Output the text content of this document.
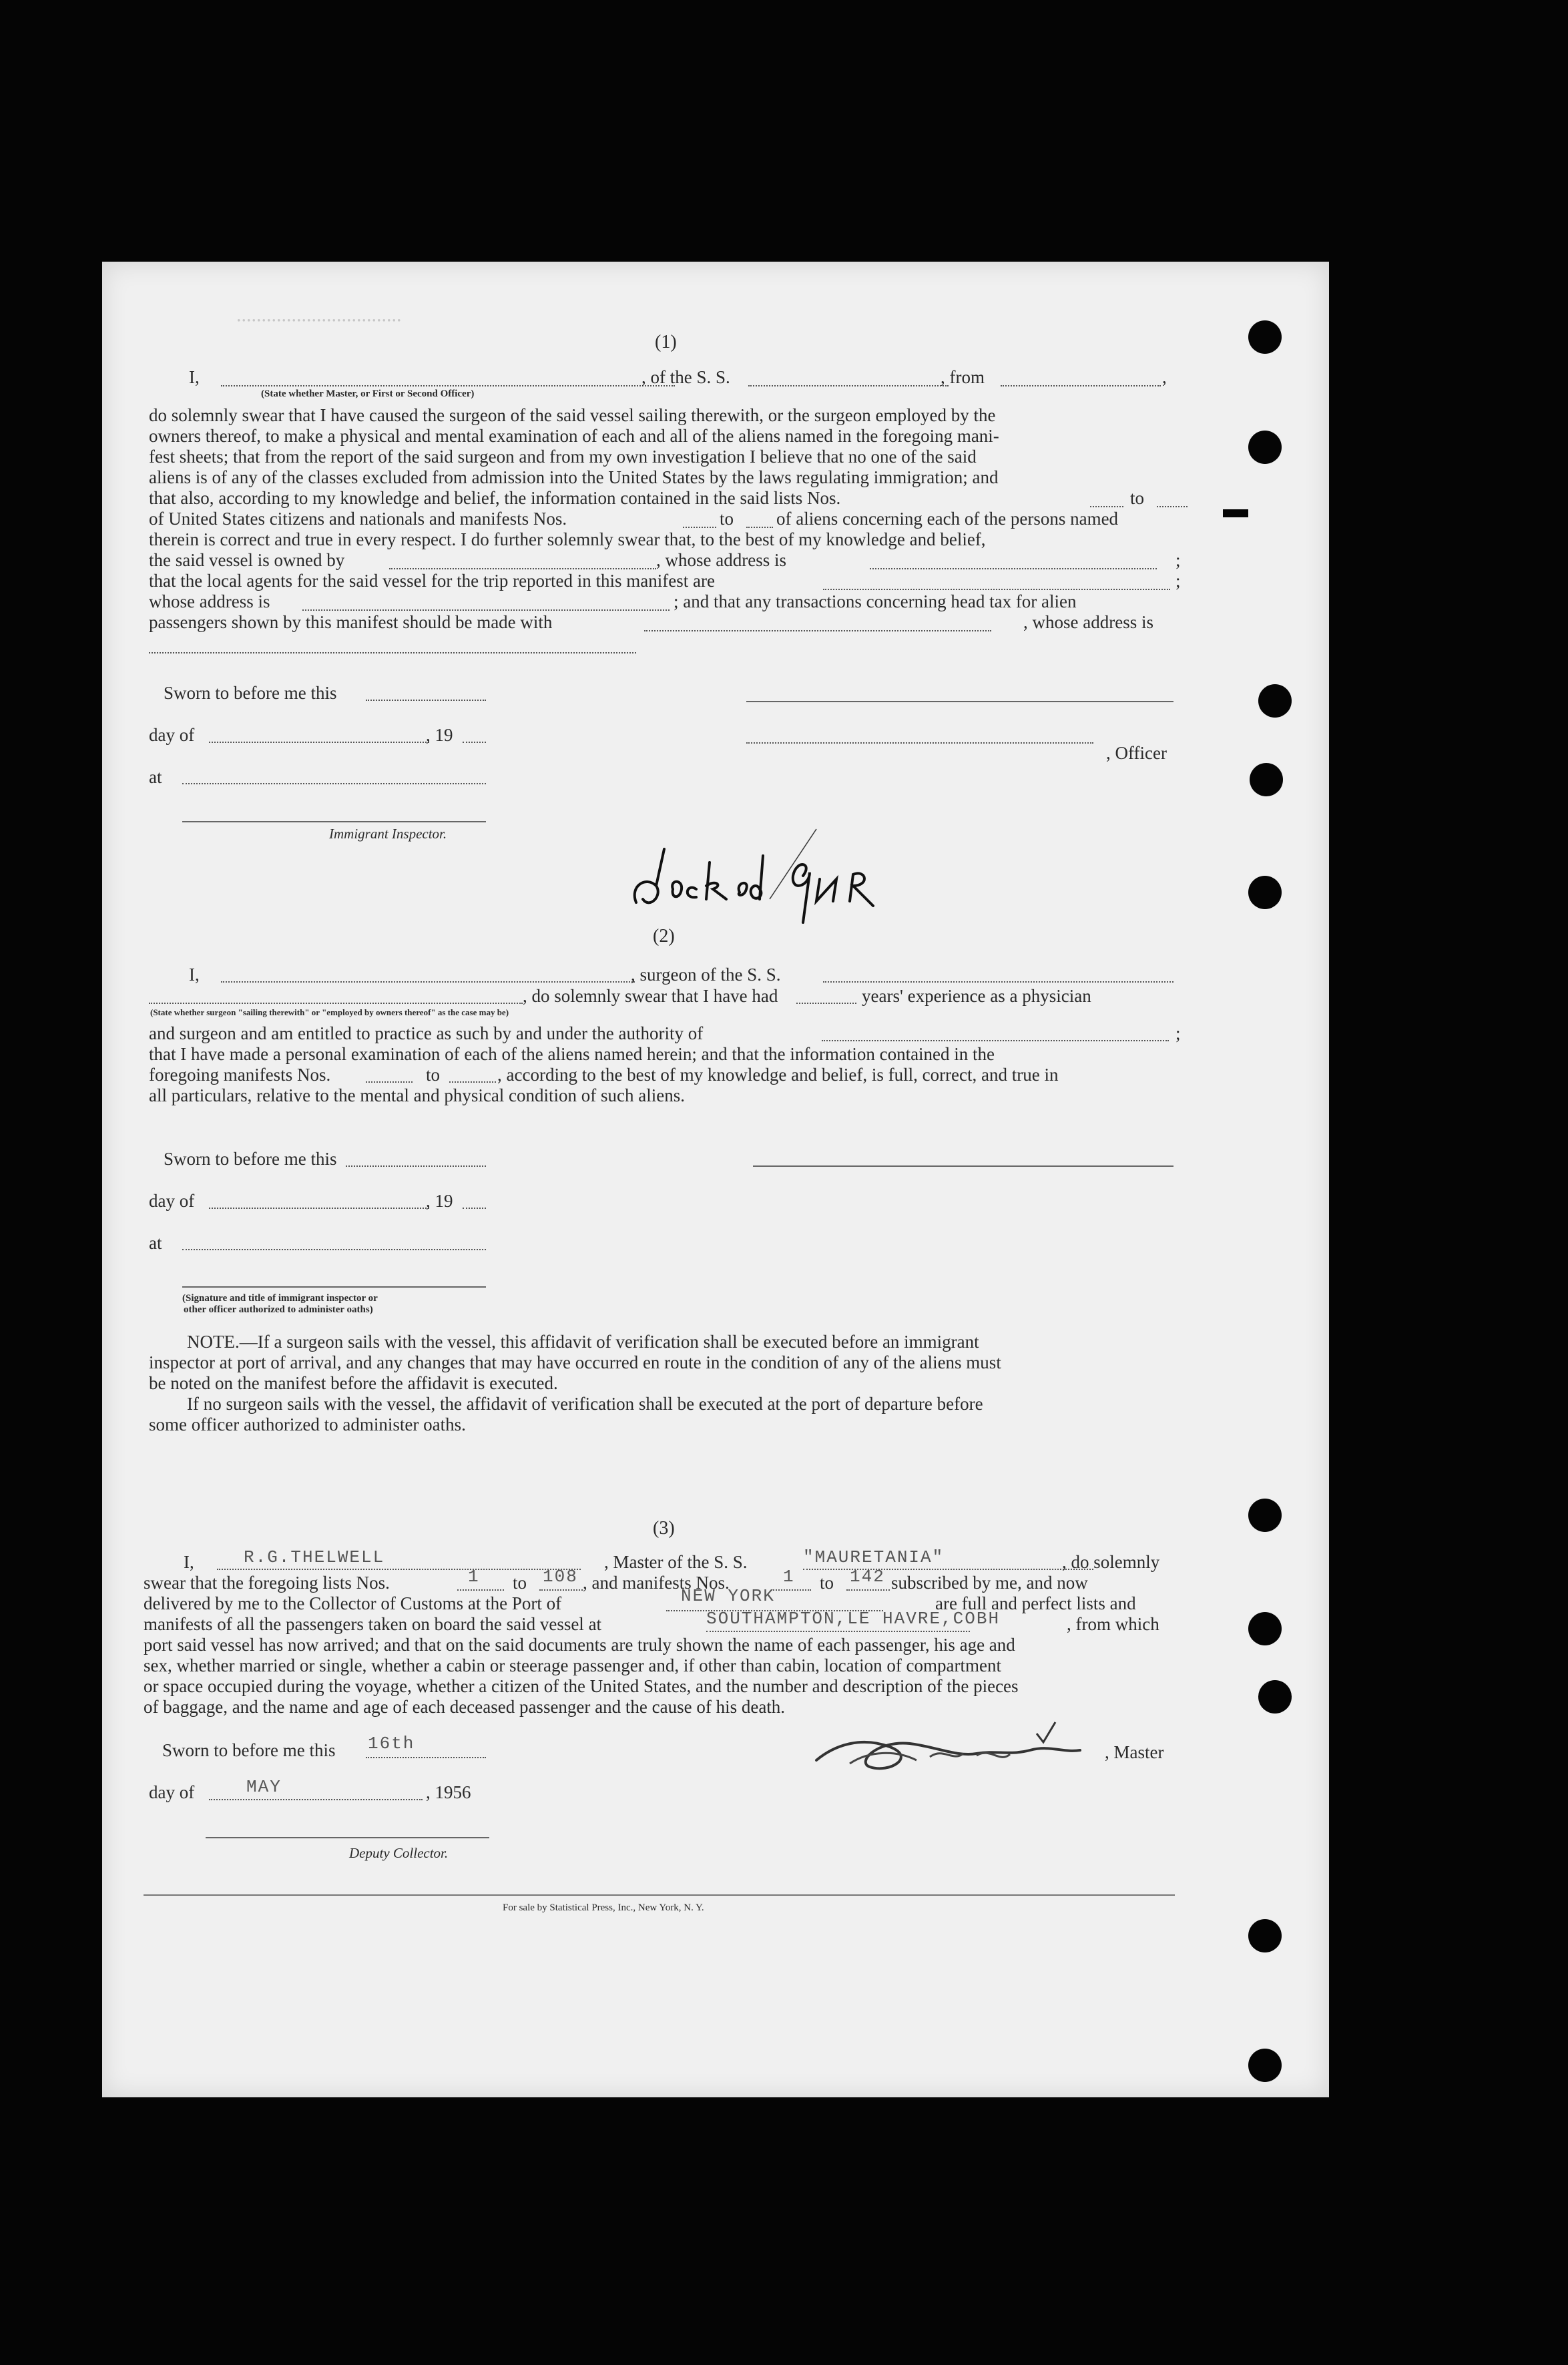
.................................
(1)
I,	, of the S. S.	, from	,
(State whether Master, or First or Second Officer)
do solemnly swear that I have caused the surgeon of the said vessel sailing therewith, or the surgeon employed by the
owners thereof, to make a physical and mental examination of each and all of the aliens named in the foregoing mani-
fest sheets; that from the report of the said surgeon and from my own investigation I believe that no one of the said
aliens is of any of the classes excluded from admission into the United States by the laws regulating immigration; and
that also, according to my knowledge and belief, the information contained in the said lists Nos.	to
of United States citizens and nationals and manifests Nos.	to of aliens concerning each of the persons named
therein is correct and true in every respect. I do further solemnly swear that, to the best of my knowledge and belief,
the said vessel is owned by	, whose address is	;
that the local agents for the said vessel for the trip reported in this manifest are	;
whose address is	; and that any transactions concerning head tax for alien
passengers shown by this manifest should be made with	, whose address is
Sworn to before me this
day of	, 19
, Officer
at
Immigrant Inspector.
(2)
I,	, surgeon of the S. S.
, do solemnly swear that I have had	years' experience as a physician
(State whether surgeon "sailing therewith" or "employed by owners thereof" as the case may be)
and surgeon and am entitled to practice as such by and under the authority of	;
that I have made a personal examination of each of the aliens named herein; and that the information contained in the
foregoing manifests Nos.	to	, according to the best of my knowledge and belief, is full, correct, and true in
all particulars, relative to the mental and physical condition of such aliens.
Sworn to before me this
day of	, 19
at
(Signature and title of immigrant inspector or
other officer authorized to administer oaths)
NOTE.—If a surgeon sails with the vessel, this affidavit of verification shall be executed before an immigrant
inspector at port of arrival, and any changes that may have occurred en route in the condition of any of the aliens must
be noted on the manifest before the affidavit is executed.
If no surgeon sails with the vessel, the affidavit of verification shall be executed at the port of departure before
some officer authorized to administer oaths.
(3)
I,	R.G.THELWELL	, Master of the S. S.	"MAURETANIA"	, do solemnly
swear that the foregoing lists Nos.	1 to 108 , and manifests Nos.	1 to 142 subscribed by me, and now
delivered by me to the Collector of Customs at the Port of	NEW YORK	are full and perfect lists and
manifests of all the passengers taken on board the said vessel at	SOUTHAMPTON,LE HAVRE,COBH	, from which
port said vessel has now arrived; and that on the said documents are truly shown the name of each passenger, his age and
sex, whether married or single, whether a cabin or steerage passenger and, if other than cabin, location of compartment
or space occupied during the voyage, whether a citizen of the United States, and the number and description of the pieces
of baggage, and the name and age of each deceased passenger and the cause of his death.
Sworn to before me this 16th	, Master
day of	MAY	, 1956
Deputy Collector.
For sale by Statistical Press, Inc., New York, N. Y.
